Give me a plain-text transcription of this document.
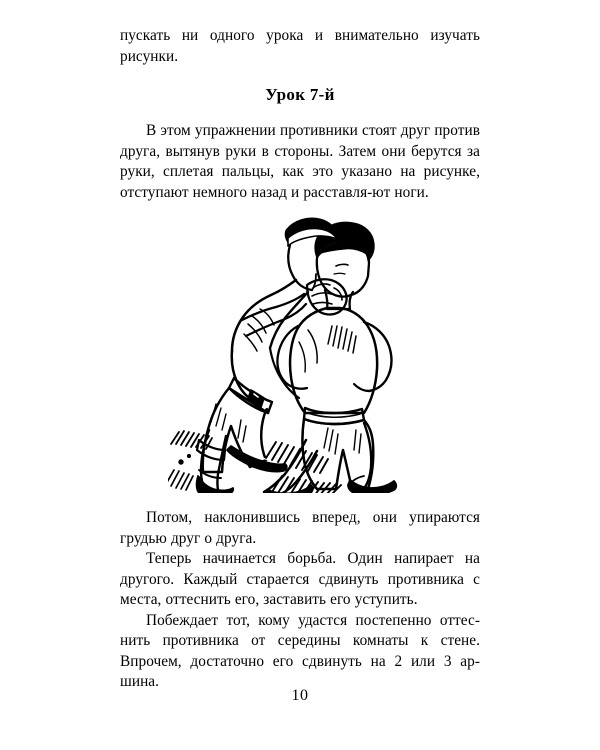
пускать ни одного урока и внимательно изучать рисунки.

Урок 7-й

В этом упражнении противники стоят друг против друга, вытянув руки в стороны. Затем они берутся за руки, сплетая пальцы, как это указано на рисунке, отступают немного назад и расставля-ют ноги.

Потом, наклонившись вперед, они упираются грудью друг о друга.

Теперь начинается борьба. Один напирает на другого. Каждый старается сдвинуть противника с места, оттеснить его, заставить его уступить.

Побеждает тот, кому удастся постепенно оттес-нить противника от середины комнаты к стене. Впрочем, достаточно его сдвинуть на 2 или 3 ар-шина.

10
